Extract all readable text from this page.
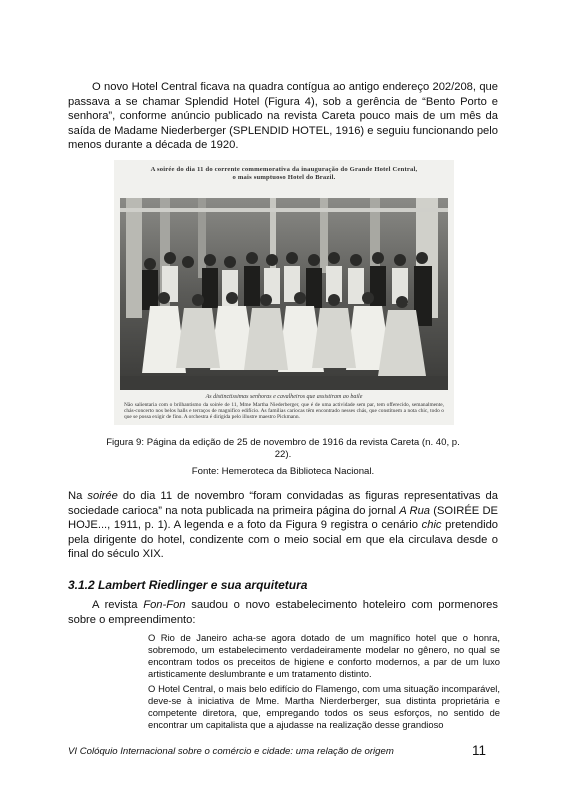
O novo Hotel Central ficava na quadra contígua ao antigo endereço 202/208, que passava a se chamar Splendid Hotel (Figura 4), sob a gerência de “Bento Porto e senhora”, conforme anúncio publicado na revista Careta pouco mais de um mês da saída de Madame Niederberger (SPLENDID HOTEL, 1916) e seguiu funcionando pelo menos durante a década de 1920.

A soirée do dia 11 do corrente commemorativa da inauguração do Grande Hotel Central,
o mais sumptuoso Hotel do Brazil.
As distinctissimas senhoras e cavalheiros que assistiram ao baile
Não salientaria com o brilhantismo da soirée de 11, Mme Martha Niederberger, que é de uma actividade sem par, tem offerecido, semanalmente, chás-concerto nos belos halls e terraços de magnifico edifício. As familias cariocas têm encontrado nesses chás, que constituem a nota chic, todo o que se possa exigir de fino. A orchestra é dirigida pelo illustre maestro Pickmann.
Figura 9: Página da edição de 25 de novembro de 1916 da revista Careta (n. 40, p. 22).
Fonte: Hemeroteca da Biblioteca Nacional.

Na soirée do dia 11 de novembro “foram convidadas as figuras representativas da sociedade carioca” na nota publicada na primeira página do jornal A Rua (SOIRÉE DE HOJE..., 1911, p. 1). A legenda e a foto da Figura 9 registra o cenário chic pretendido pela dirigente do hotel, condizente com o meio social em que ela circulava desde o final do século XIX.

3.1.2 Lambert Riedlinger e sua arquitetura

A revista Fon-Fon saudou o novo estabelecimento hoteleiro com pormenores sobre o empreendimento:

O Rio de Janeiro acha-se agora dotado de um magnífico hotel que o honra, sobremodo, um estabelecimento verdadeiramente modelar no gênero, no qual se encontram todos os preceitos de higiene e conforto modernos, a par de um luxo artisticamente deslumbrante e um tratamento distinto.

O Hotel Central, o mais belo edifício do Flamengo, com uma situação incomparável, deve-se à iniciativa de Mme. Martha Nierderberger, sua distinta proprietária e competente diretora, que, empregando todos os seus esforços, no sentido de encontrar um capitalista que a ajudasse na realização desse grandioso

VI Colóquio Internacional sobre o comércio e cidade: uma relação de origem	11
